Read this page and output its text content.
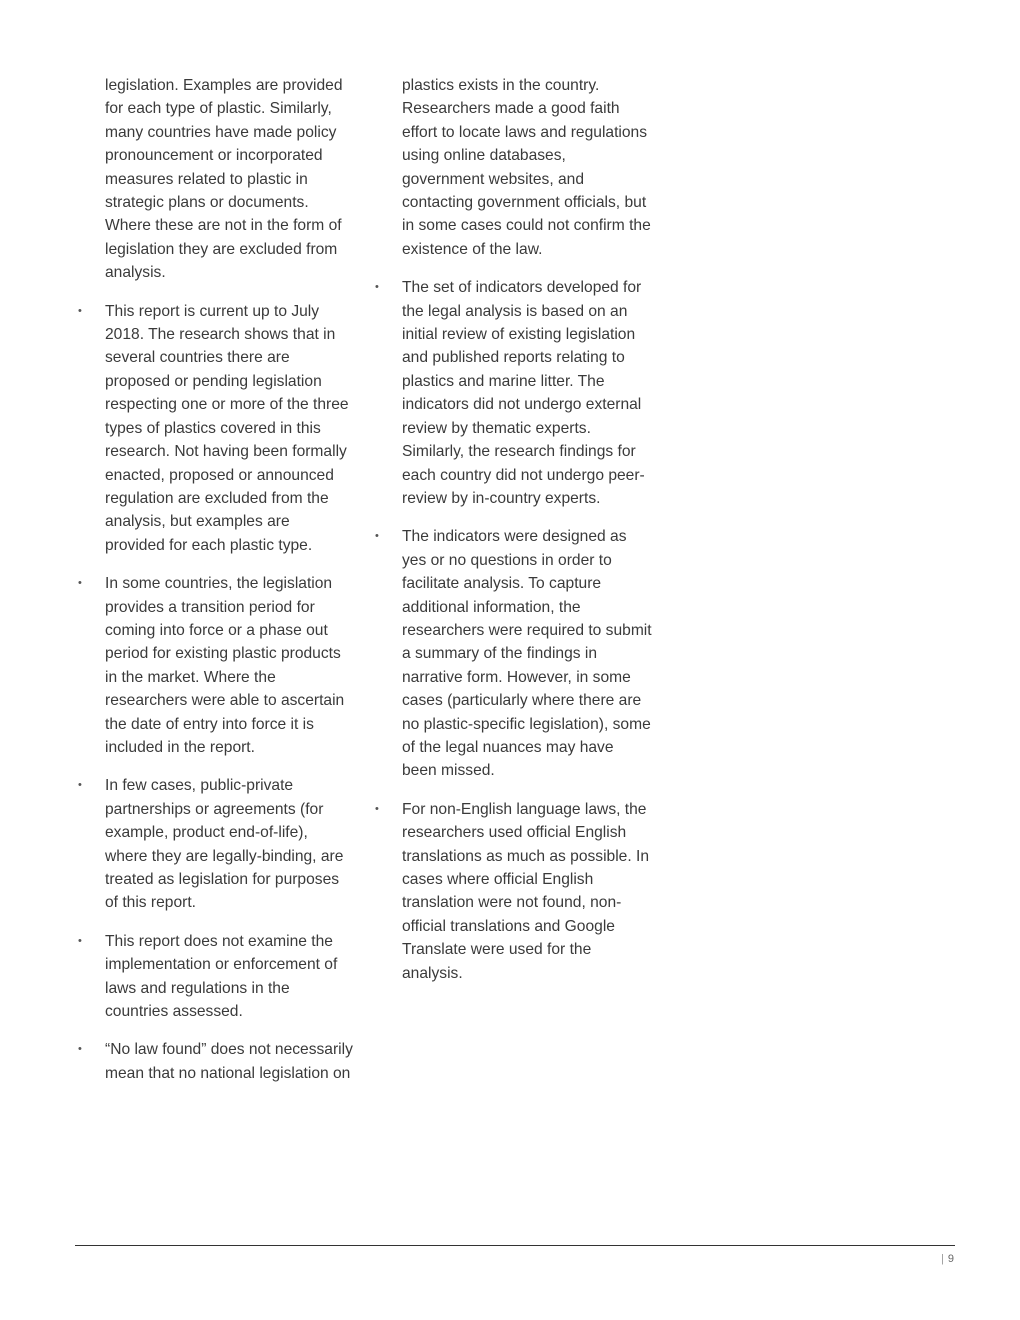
legislation. Examples are provided for each type of plastic. Similarly, many countries have made policy pronouncement or incorporated measures related to plastic in strategic plans or documents. Where these are not in the form of legislation they are excluded from analysis.

• This report is current up to July 2018. The research shows that in several countries there are proposed or pending legislation respecting one or more of the three types of plastics covered in this research. Not having been formally enacted, proposed or announced regulation are excluded from the analysis, but examples are provided for each plastic type.
• In some countries, the legislation provides a transition period for coming into force or a phase out period for existing plastic products in the market. Where the researchers were able to ascertain the date of entry into force it is included in the report.
• In few cases, public-private partnerships or agreements (for example, product end-of-life), where they are legally-binding, are treated as legislation for purposes of this report.
• This report does not examine the implementation or enforcement of laws and regulations in the countries assessed.
• “No law found” does not necessarily mean that no national legislation on

plastics exists in the country. Researchers made a good faith effort to locate laws and regulations using online databases, government websites, and contacting government officials, but in some cases could not confirm the existence of the law.

• The set of indicators developed for the legal analysis is based on an initial review of existing legislation and published reports relating to plastics and marine litter. The indicators did not undergo external review by thematic experts. Similarly, the research findings for each country did not undergo peer-review by in-country experts.
• The indicators were designed as yes or no questions in order to facilitate analysis. To capture additional information, the researchers were required to submit a summary of the findings in narrative form. However, in some cases (particularly where there are no plastic-specific legislation), some of the legal nuances may have been missed.
• For non-English language laws, the researchers used official English translations as much as possible. In cases where official English translation were not found, non-official translations and Google Translate were used for the analysis.
| 9
